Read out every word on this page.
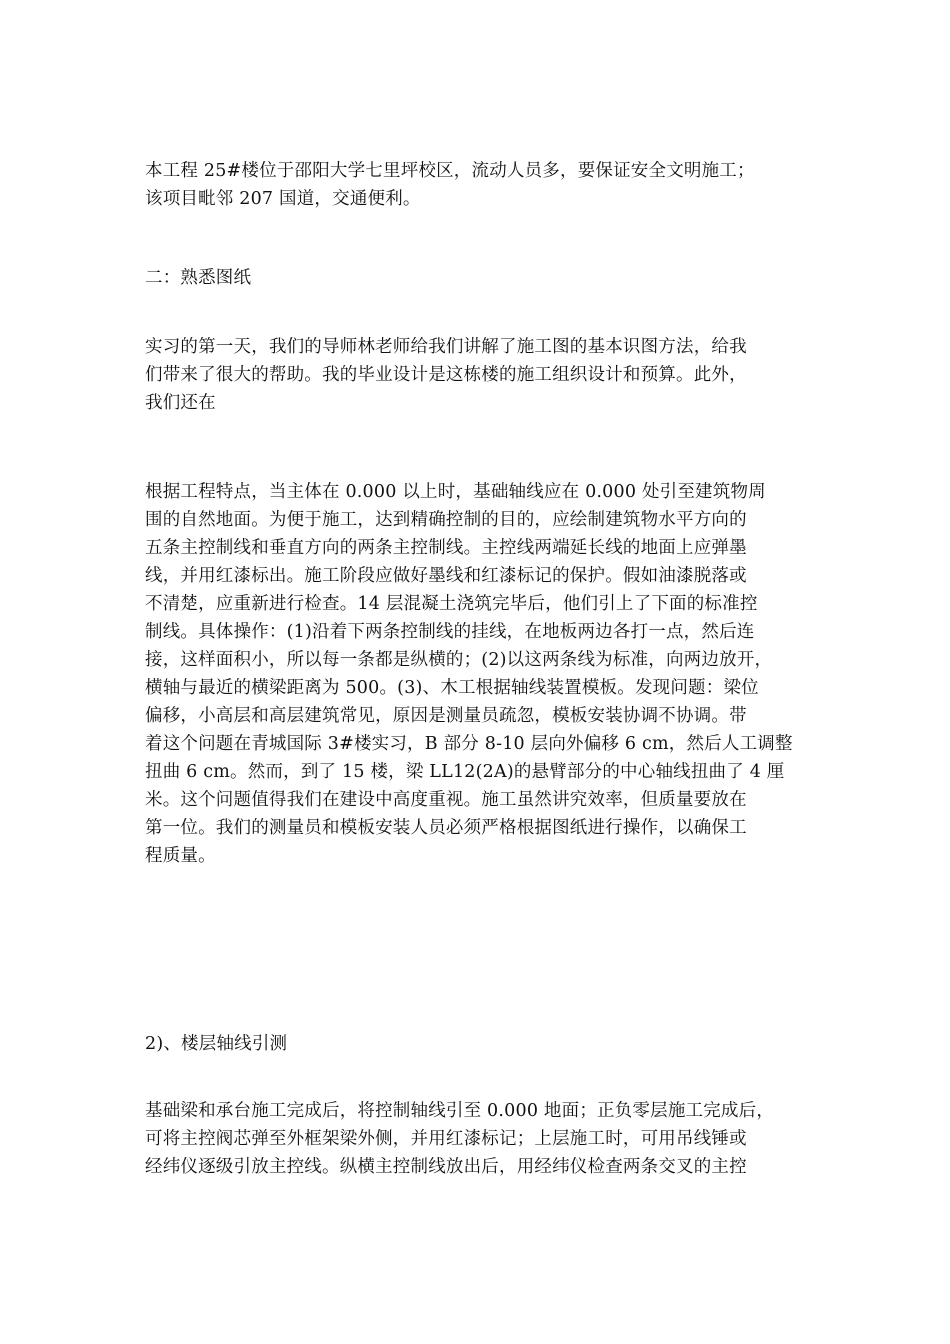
本工程 25#楼位于邵阳大学七里坪校区，流动人员多，要保证安全文明施工；
该项目毗邻 207 国道，交通便利。
二：熟悉图纸
实习的第一天，我们的导师林老师给我们讲解了施工图的基本识图方法，给我
们带来了很大的帮助。我的毕业设计是这栋楼的施工组织设计和预算。此外，
我们还在
根据工程特点，当主体在 0.000 以上时，基础轴线应在 0.000 处引至建筑物周
围的自然地面。为便于施工，达到精确控制的目的，应绘制建筑物水平方向的
五条主控制线和垂直方向的两条主控制线。主控线两端延长线的地面上应弹墨
线，并用红漆标出。施工阶段应做好墨线和红漆标记的保护。假如油漆脱落或
不清楚，应重新进行检查。14 层混凝土浇筑完毕后，他们引上了下面的标准控
制线。具体操作：(1)沿着下两条控制线的挂线，在地板两边各打一点，然后连
接，这样面积小，所以每一条都是纵横的；(2)以这两条线为标准，向两边放开，
横轴与最近的横梁距离为 500。(3)、木工根据轴线装置模板。发现问题：梁位
偏移，小高层和高层建筑常见，原因是测量员疏忽，模板安装协调不协调。带
着这个问题在青城国际 3#楼实习，B 部分 8-10 层向外偏移 6 cm，然后人工调整
扭曲 6 cm。然而，到了 15 楼，梁 LL12(2A)的悬臂部分的中心轴线扭曲了 4 厘
米。这个问题值得我们在建设中高度重视。施工虽然讲究效率，但质量要放在
第一位。我们的测量员和模板安装人员必须严格根据图纸进行操作，以确保工
程质量。
2)、楼层轴线引测
基础梁和承台施工完成后，将控制轴线引至 0.000 地面；正负零层施工完成后，
可将主控阀芯弹至外框架梁外侧，并用红漆标记；上层施工时，可用吊线锤或
经纬仪逐级引放主控线。纵横主控制线放出后，用经纬仪检查两条交叉的主控
